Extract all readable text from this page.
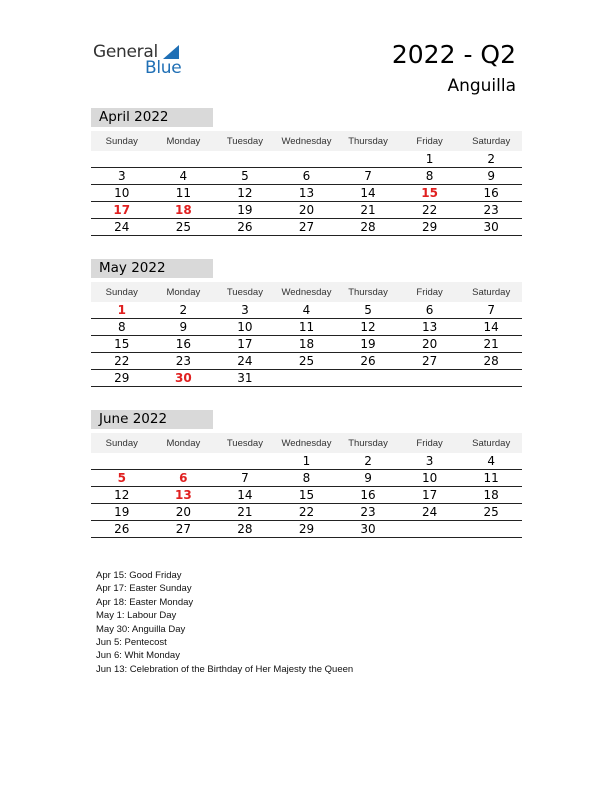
General
Blue	2022 - Q2
Anguilla
April 2022
Sunday	Monday	Tuesday	Wednesday	Thursday	Friday	Saturday
					1	2
3	4	5	6	7	8	9
10	11	12	13	14	15	16
17	18	19	20	21	22	23
24	25	26	27	28	29	30
May 2022
Sunday	Monday	Tuesday	Wednesday	Thursday	Friday	Saturday
1	2	3	4	5	6	7
8	9	10	11	12	13	14
15	16	17	18	19	20	21
22	23	24	25	26	27	28
29	30	31				
June 2022
Sunday	Monday	Tuesday	Wednesday	Thursday	Friday	Saturday
			1	2	3	4
5	6	7	8	9	10	11
12	13	14	15	16	17	18
19	20	21	22	23	24	25
26	27	28	29	30		
Apr 15: Good Friday
Apr 17: Easter Sunday
Apr 18: Easter Monday
May 1: Labour Day
May 30: Anguilla Day
Jun 5: Pentecost
Jun 6: Whit Monday
Jun 13: Celebration of the Birthday of Her Majesty the Queen
